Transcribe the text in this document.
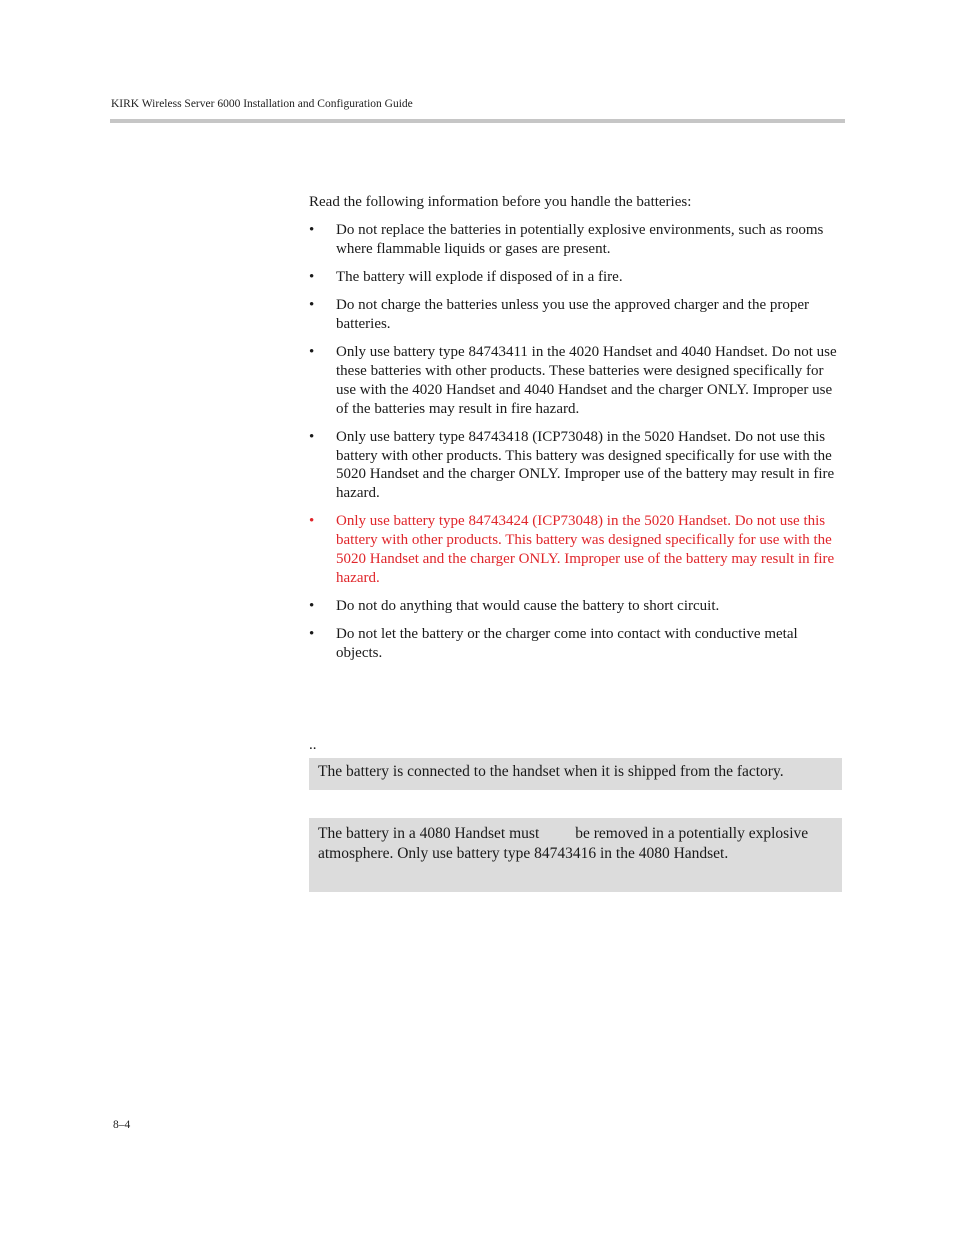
KIRK Wireless Server 6000 Installation and Configuration Guide

Read the following information before you handle the batteries:

• Do not replace the batteries in potentially explosive environments, such as rooms where flammable liquids or gases are present.
• The battery will explode if disposed of in a fire.
• Do not charge the batteries unless you use the approved charger and the proper batteries.
• Only use battery type 84743411 in the 4020 Handset and 4040 Handset. Do not use these batteries with other products. These batteries were designed specifically for use with the 4020 Handset and 4040 Handset and the charger ONLY. Improper use of the batteries may result in fire hazard.
• Only use battery type 84743418 (ICP73048) in the 5020 Handset. Do not use this battery with other products. This battery was designed specifically for use with the 5020 Handset and the charger ONLY. Improper use of the battery may result in fire hazard.
• Only use battery type 84743424 (ICP73048) in the 5020 Handset. Do not use this battery with other products. This battery was designed specifically for use with the 5020 Handset and the charger ONLY. Improper use of the battery may result in fire hazard.
• Do not do anything that would cause the battery to short circuit.
• Do not let the battery or the charger come into contact with conductive metal objects.
..
The battery is connected to the handset when it is shipped from the factory.
The battery in a 4080 Handset must be removed in a potentially explosive atmosphere. Only use battery type 84743416 in the 4080 Handset.
8–4
